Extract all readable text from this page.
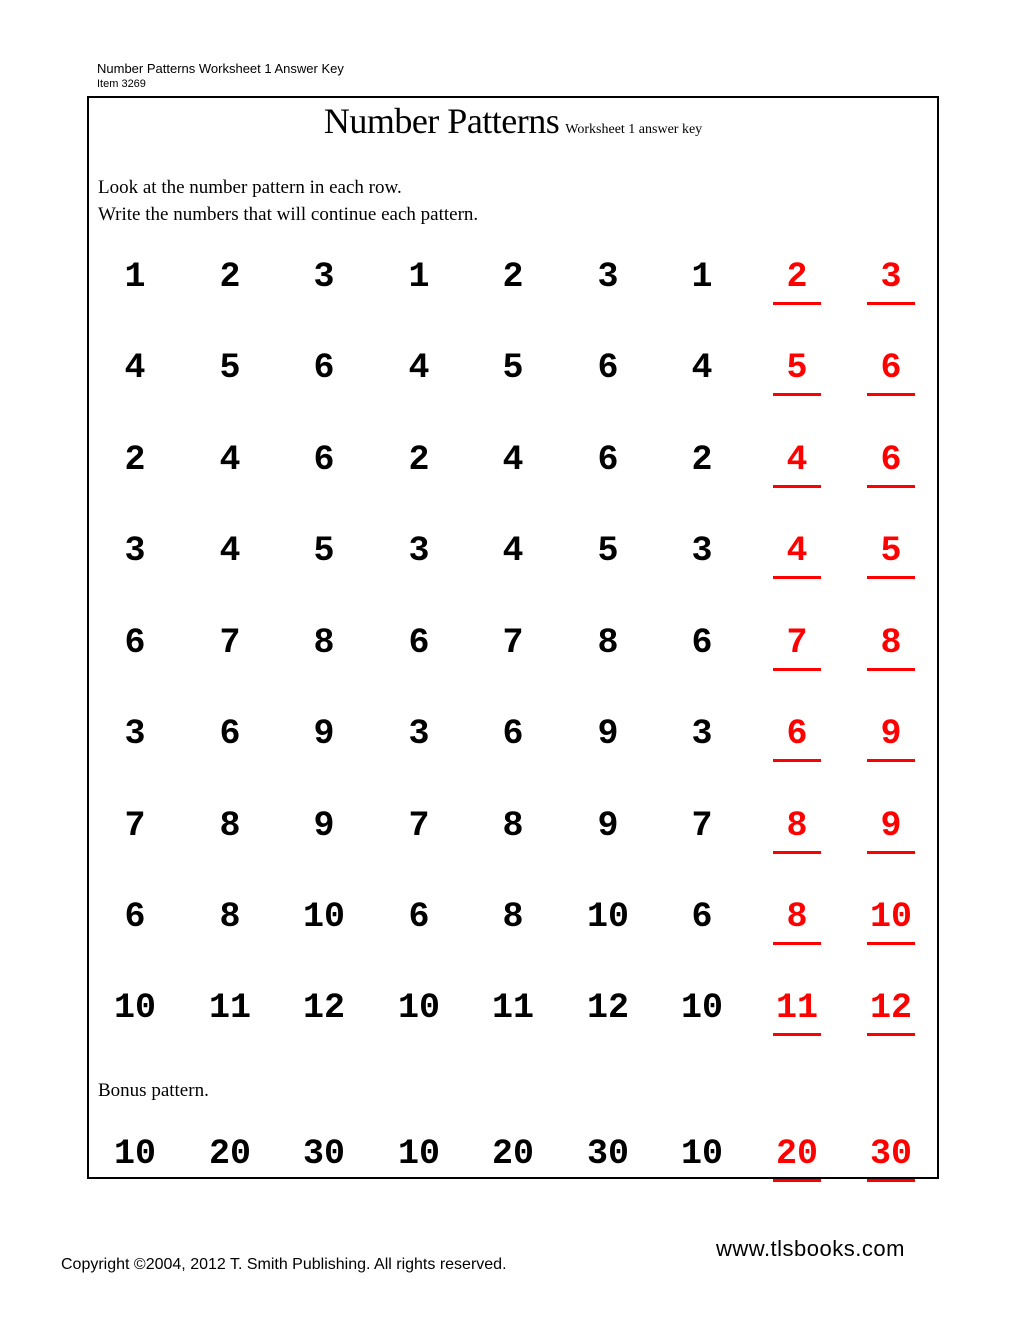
Number Patterns Worksheet 1 Answer Key
Item 3269
Number Patterns Worksheet 1 answer key
Look at the number pattern in each row.
Write the numbers that will continue each pattern.
1	2	3	1	2	3	1	2	3
4	5	6	4	5	6	4	5	6
2	4	6	2	4	6	2	4	6
3	4	5	3	4	5	3	4	5
6	7	8	6	7	8	6	7	8
3	6	9	3	6	9	3	6	9
7	8	9	7	8	9	7	8	9
6	8	10	6	8	10	6	8	10
10	11	12	10	11	12	10	11	12
10	20	30	10	20	30	10	20	30
Bonus pattern.
Copyright ©2004, 2012 T. Smith Publishing. All rights reserved.
www.tlsbooks.com
